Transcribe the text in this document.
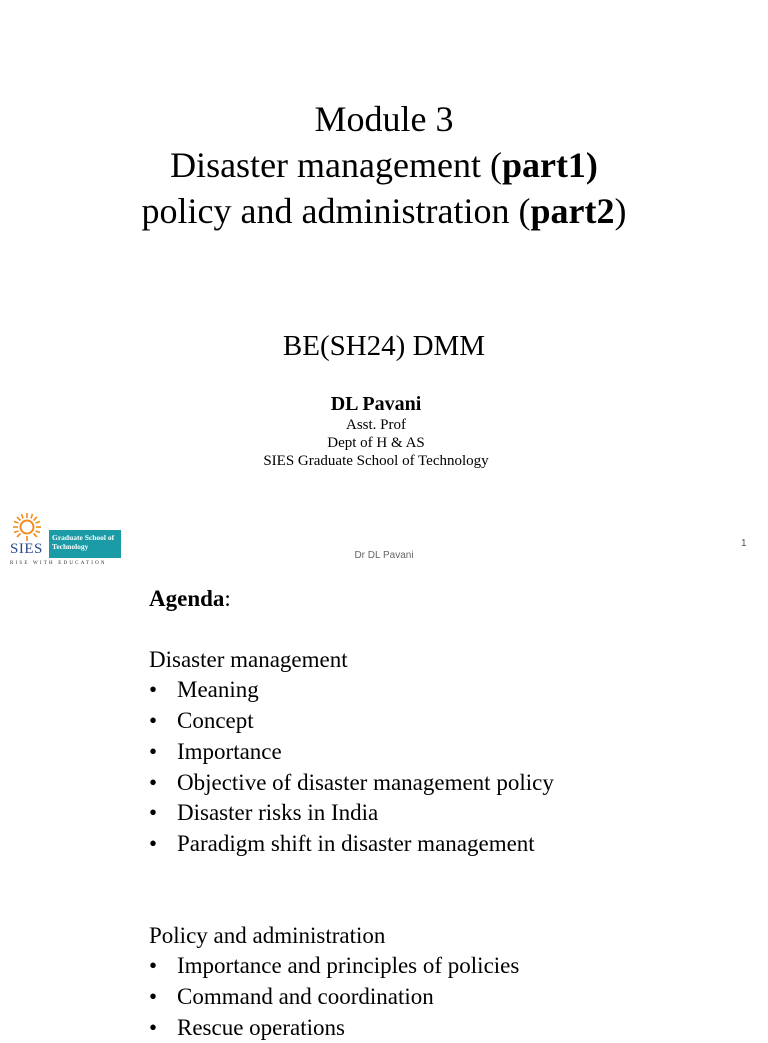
Module 3
Disaster management (part1)
policy and administration (part2)
BE(SH24) DMM
DL Pavani
Asst. Prof
Dept of H & AS
SIES Graduate School of Technology
SIES
Graduate School of Technology
RISE WITH EDUCATION
Dr DL Pavani
1
Agenda:
Disaster management
• Meaning
• Concept
• Importance
• Objective of disaster management policy
• Disaster risks in India
• Paradigm shift in disaster management
Policy and administration
• Importance and principles of policies
• Command and coordination
• Rescue operations
